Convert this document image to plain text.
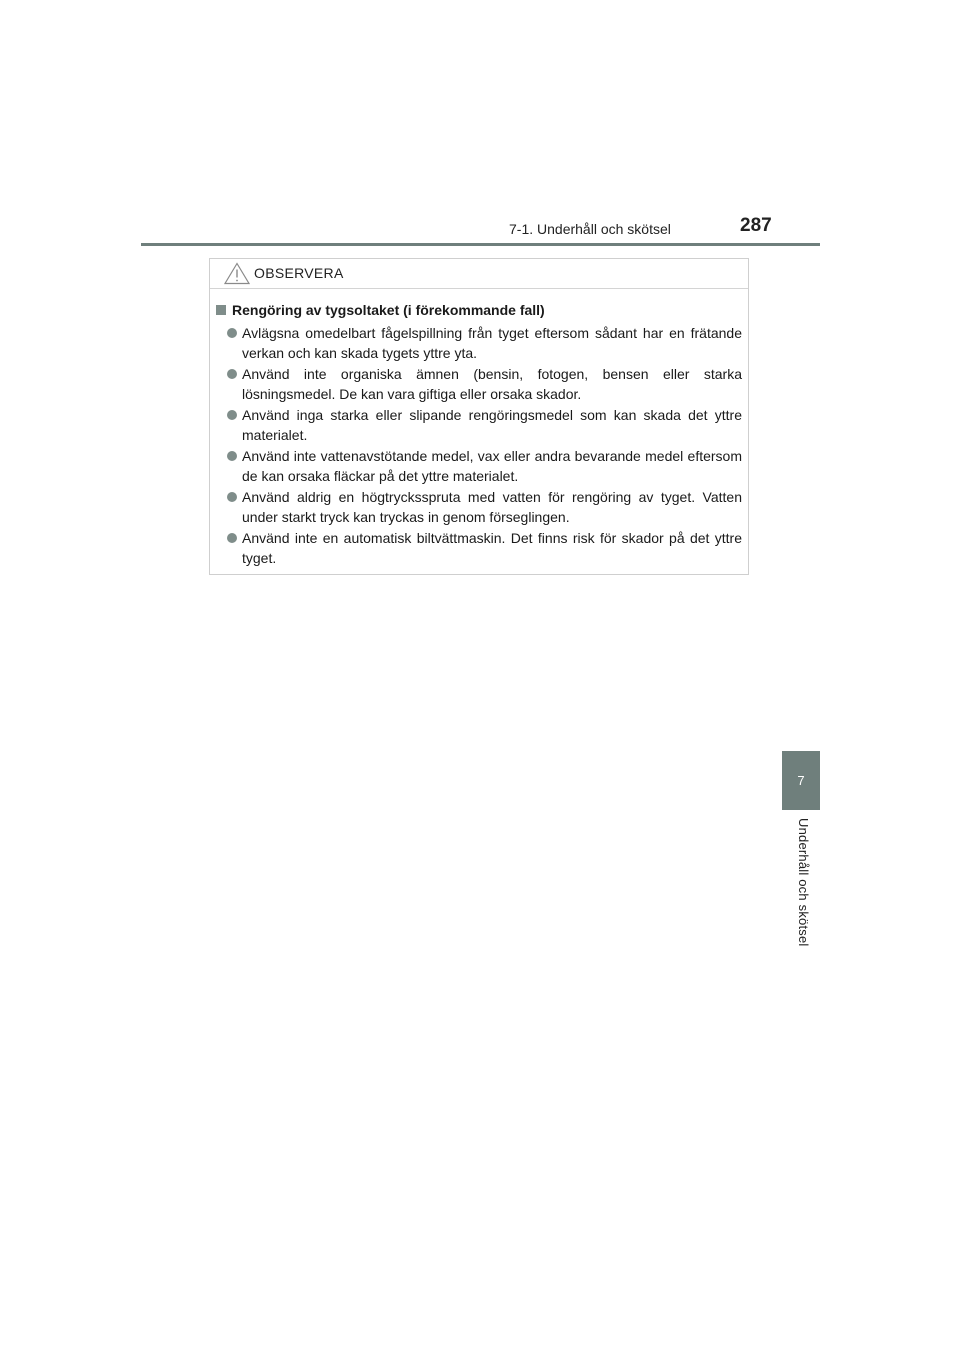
7-1. Underhåll och skötsel	287
7
Underhåll och skötsel
OBSERVERA
Rengöring av tygsoltaket (i förekommande fall)
Avlägsna omedelbart fågelspillning från tyget eftersom sådant har en frätande verkan och kan skada tygets yttre yta.
Använd inte organiska ämnen (bensin, fotogen, bensen eller starka lösningsmedel. De kan vara giftiga eller orsaka skador.
Använd inga starka eller slipande rengöringsmedel som kan skada det yttre materialet.
Använd inte vattenavstötande medel, vax eller andra bevarande medel eftersom de kan orsaka fläckar på det yttre materialet.
Använd aldrig en högtrycksspruta med vatten för rengöring av tyget. Vatten under starkt tryck kan tryckas in genom förseglingen.
Använd inte en automatisk biltvättmaskin. Det finns risk för skador på det yttre tyget.
